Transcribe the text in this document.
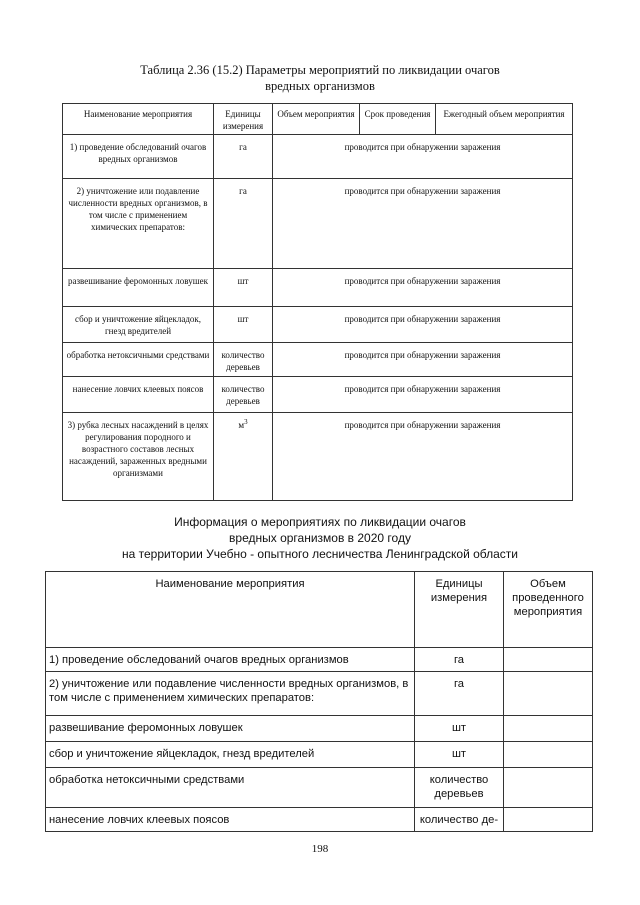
Таблица 2.36 (15.2) Параметры мероприятий по ликвидации очагов
вредных организмов
Наименование мероприятия	Единицы измерения	Объем мероприятия	Срок проведения	Ежегодный объем мероприятия
1) проведение обследований очагов вредных организмов	га	проводится при обнаружении заражения		
2) уничтожение или подавление численности вредных организмов, в том числе с применением химических препаратов:	га	проводится при обнаружении заражения		
развешивание феромонных ловушек	шт	проводится при обнаружении заражения		
сбор и уничтожение яйцекладок, гнезд вредителей	шт	проводится при обнаружении заражения		
обработка нетоксичными средствами	количество деревьев	проводится при обнаружении заражения		
нанесение ловчих клеевых поясов	количество деревьев	проводится при обнаружении заражения		
3) рубка лесных насаждений в целях регулирования породного и возрастного составов лесных насаждений, зараженных вредными организмами	$м^3$	проводится при обнаружении заражения		
Информация о мероприятиях по ликвидации очагов
вредных организмов в 2020 году
на территории Учебно - опытного лесничества Ленинградской области
Наименование мероприятия	Единицы измерения	Объем проведенного мероприятия
1) проведение обследований очагов вредных организмов	га	
2) уничтожение или подавление численности вредных организмов, в том числе с применением химических препаратов:	га	
развешивание феромонных ловушек	шт	
сбор и уничтожение яйцекладок, гнезд вредителей	шт	
обработка нетоксичными средствами	количество деревьев	
нанесение ловчих клеевых поясов	количество де-	
198
